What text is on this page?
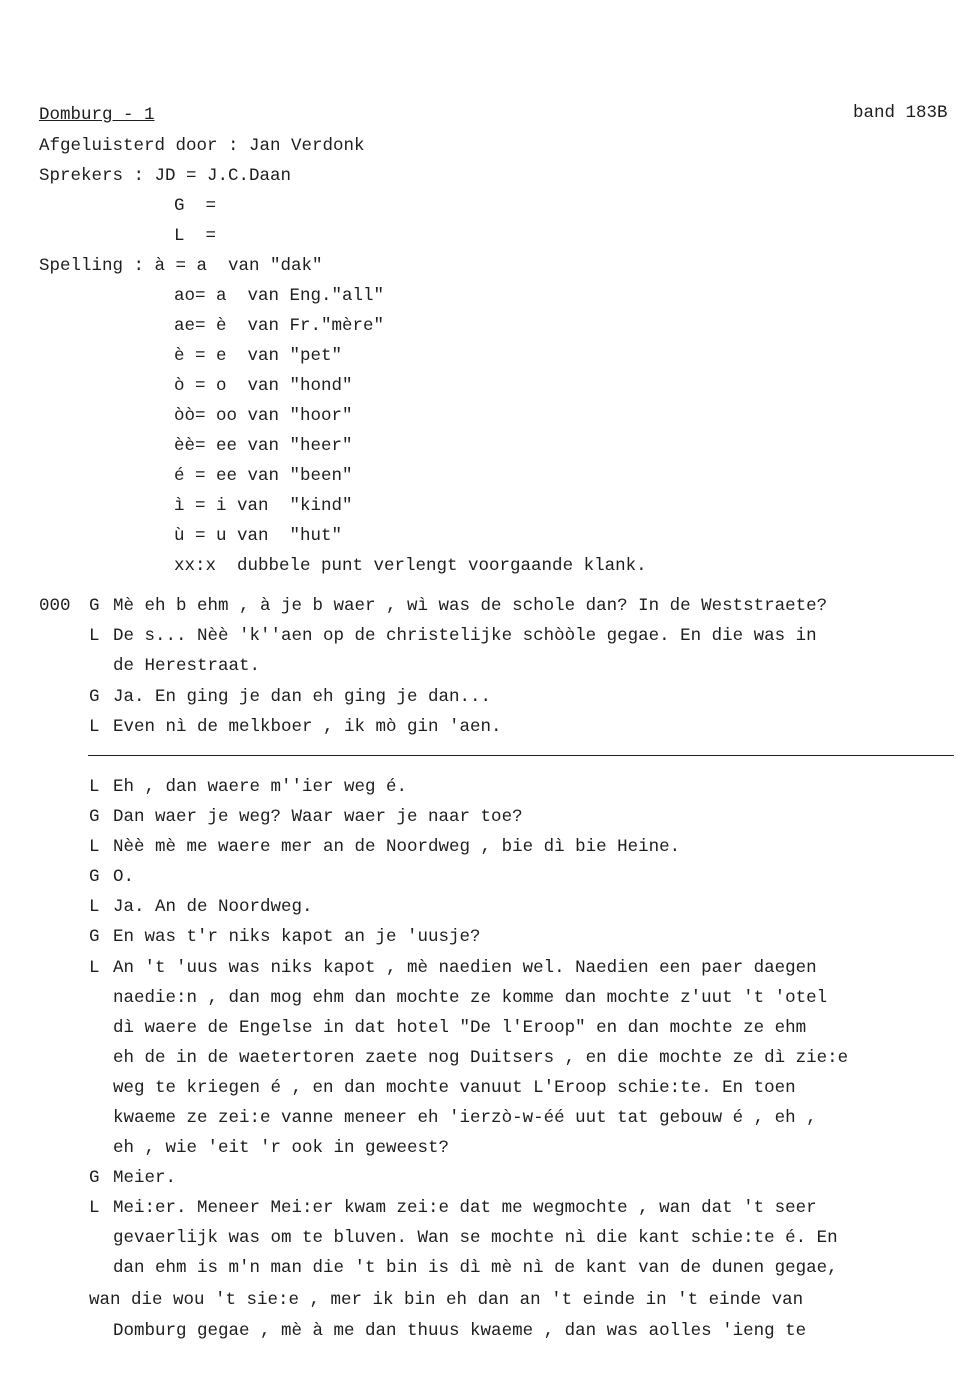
Domburg - 1	band 183B
Afgeluisterd door : Jan Verdonk
Sprekers : JD = J.C.Daan
G  =
L  =
Spelling : à = a  van "dak"
ao= a  van Eng."all"
ae= è  van Fr."mère"
è = e  van "pet"
ò = o  van "hond"
òò= oo van "hoor"
èè= ee van "heer"
é = ee van "been"
ì = i van  "kind"
ù = u van  "hut"
xx:x  dubbele punt verlengt voorgaande klank.
000 G Mè eh b ehm , à je b waer , wì was de schole dan? In de Weststraete?
L De s... Nèè 'k''aen op de christelijke schòòle gegae. En die was in
de Herestraat.
G Ja. En ging je dan eh ging je dan...
L Even nì de melkboer , ik mò gin 'aen.
L Eh , dan waere m''ier weg é.
G Dan waer je weg? Waar waer je naar toe?
L Nèè mè me waere mer an de Noordweg , bie dì bie Heine.
G O.
L Ja. An de Noordweg.
G En was t'r niks kapot an je 'uusje?
L An 't 'uus was niks kapot , mè naedien wel. Naedien een paer daegen
naedie:n , dan mog ehm dan mochte ze komme dan mochte z'uut 't 'otel
dì waere de Engelse in dat hotel "De l'Eroop" en dan mochte ze ehm
eh de in de waetertoren zaete nog Duitsers , en die mochte ze dì zie:e
weg te kriegen é , en dan mochte vanuut L'Eroop schie:te. En toen
kwaeme ze zei:e vanne meneer eh 'ierzò-w-éé uut tat gebouw é , eh ,
eh , wie 'eit 'r ook in geweest?
G Meier.
L Mei:er. Meneer Mei:er kwam zei:e dat me wegmochte , wan dat 't seer
gevaerlijk was om te bluven. Wan se mochte nì die kant schie:te é. En
dan ehm is m'n man die 't bin is dì mè nì de kant van de dunen gegae,
wan die wou 't sie:e , mer ik bin eh dan an 't einde in 't einde van
Domburg gegae , mè à me dan thuus kwaeme , dan was aolles 'ieng te
